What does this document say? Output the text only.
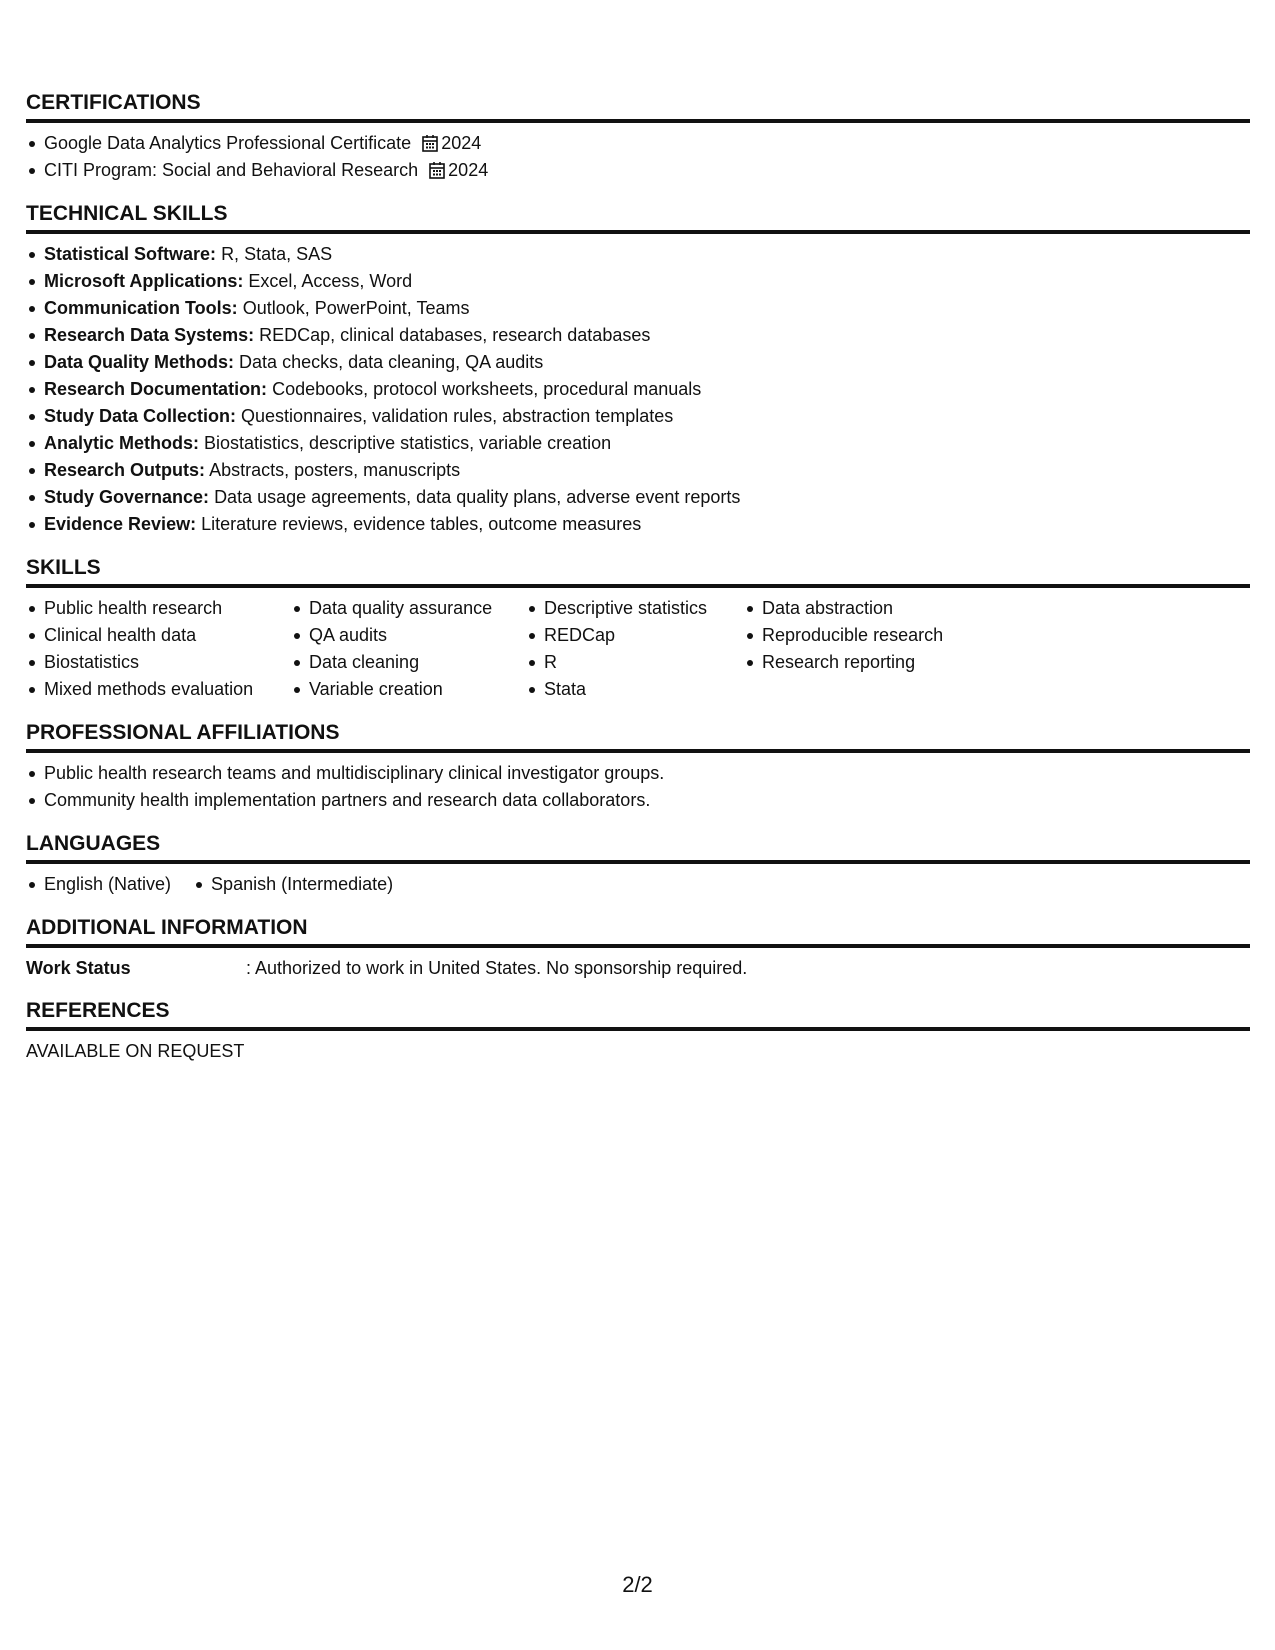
CERTIFICATIONS
Google Data Analytics Professional Certificate 2024
CITI Program: Social and Behavioral Research 2024
TECHNICAL SKILLS
Statistical Software: R, Stata, SAS
Microsoft Applications: Excel, Access, Word
Communication Tools: Outlook, PowerPoint, Teams
Research Data Systems: REDCap, clinical databases, research databases
Data Quality Methods: Data checks, data cleaning, QA audits
Research Documentation: Codebooks, protocol worksheets, procedural manuals
Study Data Collection: Questionnaires, validation rules, abstraction templates
Analytic Methods: Biostatistics, descriptive statistics, variable creation
Research Outputs: Abstracts, posters, manuscripts
Study Governance: Data usage agreements, data quality plans, adverse event reports
Evidence Review: Literature reviews, evidence tables, outcome measures
SKILLS
Public health research
Clinical health data
Biostatistics
Mixed methods evaluation
Data quality assurance
QA audits
Data cleaning
Variable creation
Descriptive statistics
REDCap
R
Stata
Data abstraction
Reproducible research
Research reporting
PROFESSIONAL AFFILIATIONS
Public health research teams and multidisciplinary clinical investigator groups.
Community health implementation partners and research data collaborators.
LANGUAGES
English (Native)	Spanish (Intermediate)
ADDITIONAL INFORMATION
Work Status	: Authorized to work in United States. No sponsorship required.
REFERENCES
AVAILABLE ON REQUEST
2/2
